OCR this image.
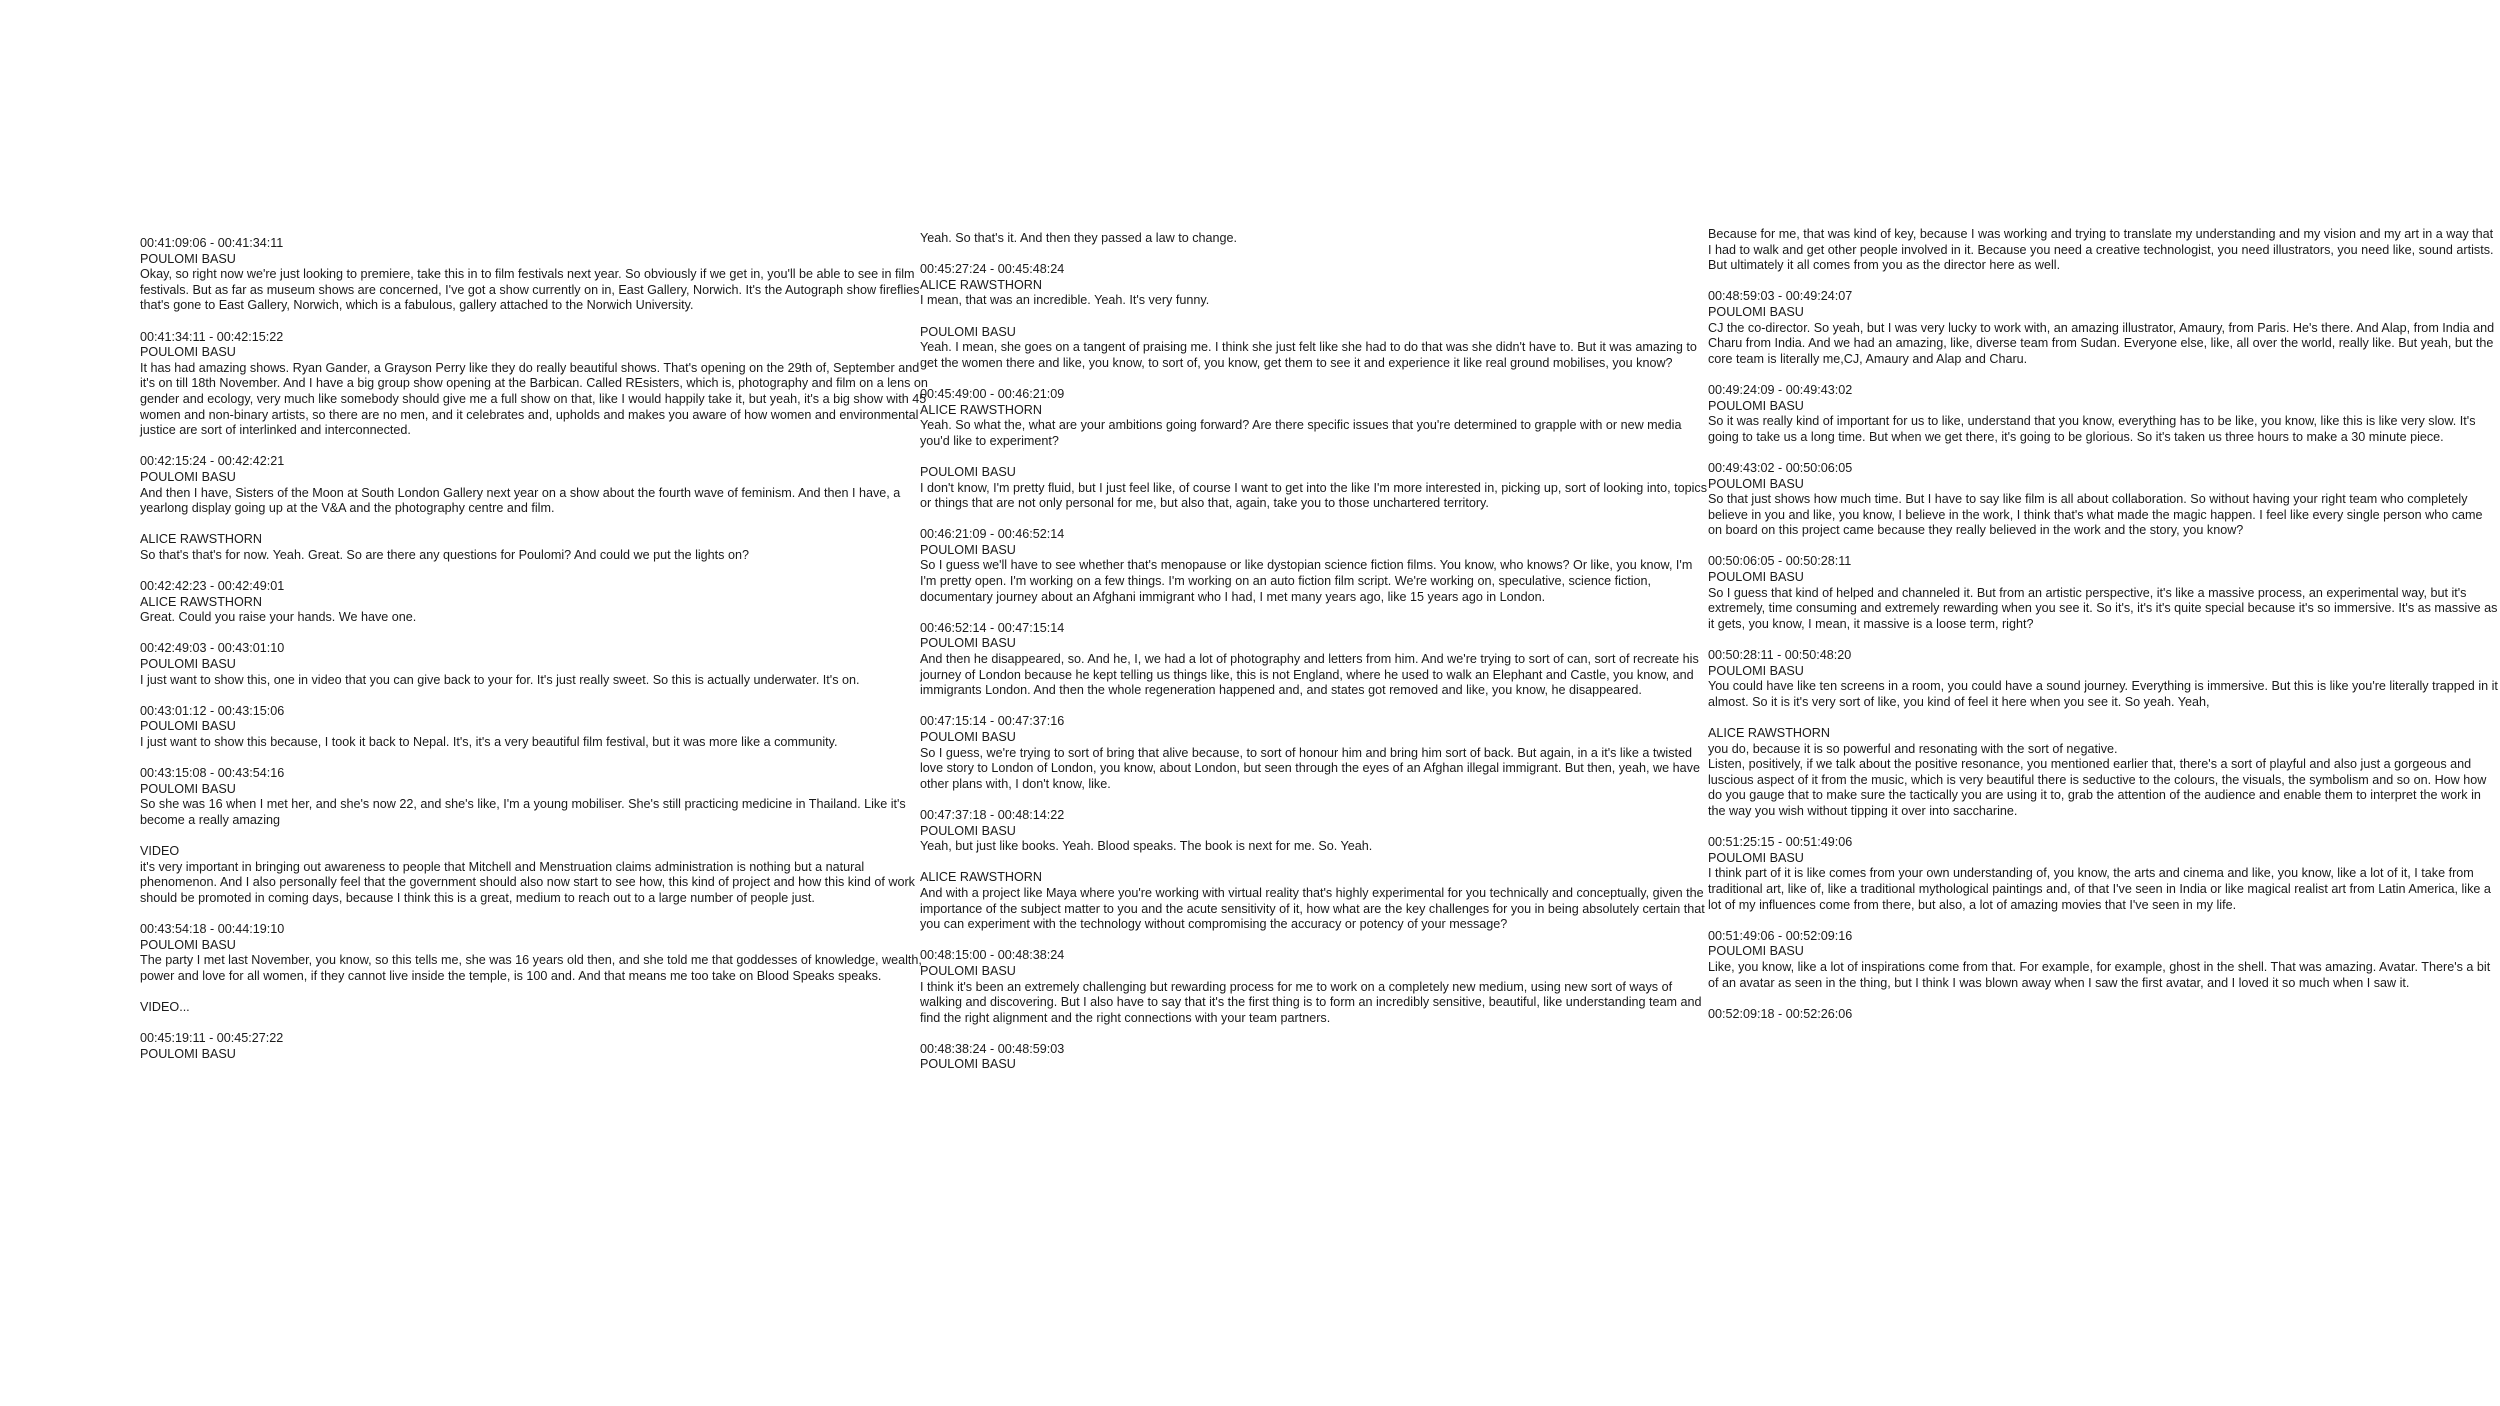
00:41:09:06 - 00:41:34:11
POULOMI BASU
Okay, so right now we're just looking to premiere, take this in to film festivals next year. So obviously if we get in, you'll be able to see in film festivals. But as far as museum shows are concerned, I've got a show currently on in, East Gallery, Norwich. It's the Autograph show fireflies that's gone to East Gallery, Norwich, which is a fabulous, gallery attached to the Norwich University.
00:41:34:11 - 00:42:15:22
POULOMI BASU
It has had amazing shows. Ryan Gander, a Grayson Perry like they do really beautiful shows. That's opening on the 29th of, September and it's on till 18th November. And I have a big group show opening at the Barbican. Called REsisters, which is, photography and film on a lens on gender and ecology, very much like somebody should give me a full show on that, like I would happily take it, but yeah, it's a big show with 45 women and non-binary artists, so there are no men, and it celebrates and, upholds and makes you aware of how women and environmental justice are sort of interlinked and interconnected.
00:42:15:24 - 00:42:42:21
POULOMI BASU
And then I have, Sisters of the Moon at South London Gallery next year on a show about the fourth wave of feminism. And then I have, a yearlong display going up at the V&A and the photography centre and film.
ALICE RAWSTHORN
So that's that's for now. Yeah. Great. So are there any questions for Poulomi? And could we put the lights on?
00:42:42:23 - 00:42:49:01
ALICE RAWSTHORN
Great. Could you raise your hands. We have one.
00:42:49:03 - 00:43:01:10
POULOMI BASU
I just want to show this, one in video that you can give back to your for. It's just really sweet. So this is actually underwater. It's on.
00:43:01:12 - 00:43:15:06
POULOMI BASU
I just want to show this because, I took it back to Nepal. It's, it's a very beautiful film festival, but it was more like a community.
00:43:15:08 - 00:43:54:16
POULOMI BASU
So she was 16 when I met her, and she's now 22, and she's like, I'm a young mobiliser. She's still practicing medicine in Thailand. Like it's become a really amazing
VIDEO
it's very important in bringing out awareness to people that Mitchell and Menstruation claims administration is nothing but a natural phenomenon. And I also personally feel that the government should also now start to see how, this kind of project and how this kind of work should be promoted in coming days, because I think this is a great, medium to reach out to a large number of people just.
00:43:54:18 - 00:44:19:10
POULOMI BASU
The party I met last November, you know, so this tells me, she was 16 years old then, and she told me that goddesses of knowledge, wealth, power and love for all women, if they cannot live inside the temple, is 100 and. And that means me too take on Blood Speaks speaks.
VIDEO...
00:45:19:11 - 00:45:27:22
POULOMI BASU
Yeah. So that's it. And then they passed a law to change.
00:45:27:24 - 00:45:48:24
ALICE RAWSTHORN
I mean, that was an incredible. Yeah. It's very funny.
POULOMI BASU
Yeah. I mean, she goes on a tangent of praising me. I think she just felt like she had to do that was she didn't have to. But it was amazing to get the women there and like, you know, to sort of, you know, get them to see it and experience it like real ground mobilises, you know?
00:45:49:00 - 00:46:21:09
ALICE RAWSTHORN
Yeah. So what the, what are your ambitions going forward? Are there specific issues that you're determined to grapple with or new media you'd like to experiment?
POULOMI BASU
I don't know, I'm pretty fluid, but I just feel like, of course I want to get into the like I'm more interested in, picking up, sort of looking into, topics or things that are not only personal for me, but also that, again, take you to those unchartered territory.
00:46:21:09 - 00:46:52:14
POULOMI BASU
So I guess we'll have to see whether that's menopause or like dystopian science fiction films. You know, who knows? Or like, you know, I'm I'm pretty open. I'm working on a few things. I'm working on an auto fiction film script. We're working on, speculative, science fiction, documentary journey about an Afghani immigrant who I had, I met many years ago, like 15 years ago in London.
00:46:52:14 - 00:47:15:14
POULOMI BASU
And then he disappeared, so. And he, I, we had a lot of photography and letters from him. And we're trying to sort of can, sort of recreate his journey of London because he kept telling us things like, this is not England, where he used to walk an Elephant and Castle, you know, and immigrants London. And then the whole regeneration happened and, and states got removed and like, you know, he disappeared.
00:47:15:14 - 00:47:37:16
POULOMI BASU
So I guess, we're trying to sort of bring that alive because, to sort of honour him and bring him sort of back. But again, in a it's like a twisted love story to London of London, you know, about London, but seen through the eyes of an Afghan illegal immigrant. But then, yeah, we have other plans with, I don't know, like.
00:47:37:18 - 00:48:14:22
POULOMI BASU
Yeah, but just like books. Yeah. Blood speaks. The book is next for me. So. Yeah.
ALICE RAWSTHORN
And with a project like Maya where you're working with virtual reality that's highly experimental for you technically and conceptually, given the importance of the subject matter to you and the acute sensitivity of it, how what are the key challenges for you in being absolutely certain that you can experiment with the technology without compromising the accuracy or potency of your message?
00:48:15:00 - 00:48:38:24
POULOMI BASU
I think it's been an extremely challenging but rewarding process for me to work on a completely new medium, using new sort of ways of walking and discovering. But I also have to say that it's the first thing is to form an incredibly sensitive, beautiful, like understanding team and find the right alignment and the right connections with your team partners.
00:48:38:24 - 00:48:59:03
POULOMI BASU
Because for me, that was kind of key, because I was working and trying to translate my understanding and my vision and my art in a way that I had to walk and get other people involved in it. Because you need a creative technologist, you need illustrators, you need like, sound artists. But ultimately it all comes from you as the director here as well.
00:48:59:03 - 00:49:24:07
POULOMI BASU
CJ the co-director. So yeah, but I was very lucky to work with, an amazing illustrator, Amaury, from Paris. He's there. And Alap, from India and Charu from India. And we had an amazing, like, diverse team from Sudan. Everyone else, like, all over the world, really like. But yeah, but the core team is literally me,CJ, Amaury and Alap and Charu.
00:49:24:09 - 00:49:43:02
POULOMI BASU
So it was really kind of important for us to like, understand that you know, everything has to be like, you know, like this is like very slow. It's going to take us a long time. But when we get there, it's going to be glorious. So it's taken us three hours to make a 30 minute piece.
00:49:43:02 - 00:50:06:05
POULOMI BASU
So that just shows how much time. But I have to say like film is all about collaboration. So without having your right team who completely believe in you and like, you know, I believe in the work, I think that's what made the magic happen. I feel like every single person who came on board on this project came because they really believed in the work and the story, you know?
00:50:06:05 - 00:50:28:11
POULOMI BASU
So I guess that kind of helped and channeled it. But from an artistic perspective, it's like a massive process, an experimental way, but it's extremely, time consuming and extremely rewarding when you see it. So it's, it's it's quite special because it's so immersive. It's as massive as it gets, you know, I mean, it massive is a loose term, right?
00:50:28:11 - 00:50:48:20
POULOMI BASU
You could have like ten screens in a room, you could have a sound journey. Everything is immersive. But this is like you're literally trapped in it almost. So it is it's very sort of like, you kind of feel it here when you see it. So yeah. Yeah,
ALICE RAWSTHORN
you do, because it is so powerful and resonating with the sort of negative.
Listen, positively, if we talk about the positive resonance, you mentioned earlier that, there's a sort of playful and also just a gorgeous and luscious aspect of it from the music, which is very beautiful there is seductive to the colours, the visuals, the symbolism and so on. How how do you gauge that to make sure the tactically you are using it to, grab the attention of the audience and enable them to interpret the work in the way you wish without tipping it over into saccharine.
00:51:25:15 - 00:51:49:06
POULOMI BASU
I think part of it is like comes from your own understanding of, you know, the arts and cinema and like, you know, like a lot of it, I take from traditional art, like of, like a traditional mythological paintings and, of that I've seen in India or like magical realist art from Latin America, like a lot of my influences come from there, but also, a lot of amazing movies that I've seen in my life.
00:51:49:06 - 00:52:09:16
POULOMI BASU
Like, you know, like a lot of inspirations come from that. For example, for example, ghost in the shell. That was amazing. Avatar. There's a bit of an avatar as seen in the thing, but I think I was blown away when I saw the first avatar, and I loved it so much when I saw it.
00:52:09:18 - 00:52:26:06
